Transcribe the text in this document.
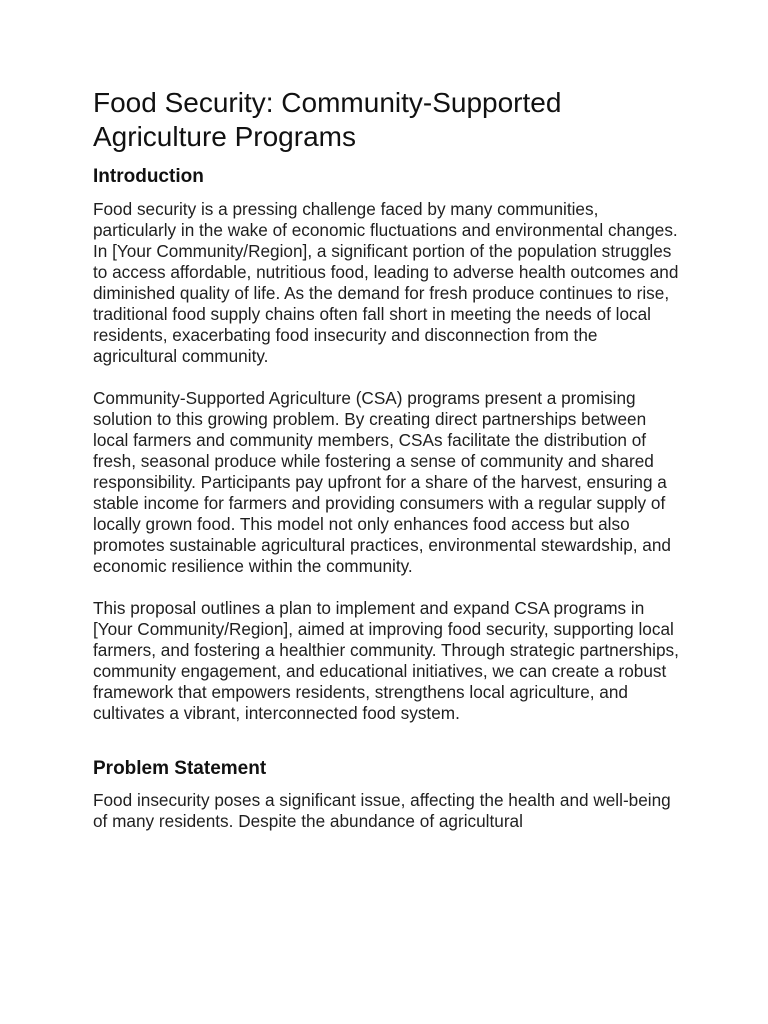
Food Security: Community-Supported Agriculture Programs
Introduction

Food security is a pressing challenge faced by many communities, particularly in the wake of economic fluctuations and environmental changes. In [Your Community/Region], a significant portion of the population struggles to access affordable, nutritious food, leading to adverse health outcomes and diminished quality of life. As the demand for fresh produce continues to rise, traditional food supply chains often fall short in meeting the needs of local residents, exacerbating food insecurity and disconnection from the agricultural community.

Community-Supported Agriculture (CSA) programs present a promising solution to this growing problem. By creating direct partnerships between local farmers and community members, CSAs facilitate the distribution of fresh, seasonal produce while fostering a sense of community and shared responsibility. Participants pay upfront for a share of the harvest, ensuring a stable income for farmers and providing consumers with a regular supply of locally grown food. This model not only enhances food access but also promotes sustainable agricultural practices, environmental stewardship, and economic resilience within the community.

This proposal outlines a plan to implement and expand CSA programs in [Your Community/Region], aimed at improving food security, supporting local farmers, and fostering a healthier community. Through strategic partnerships, community engagement, and educational initiatives, we can create a robust framework that empowers residents, strengthens local agriculture, and cultivates a vibrant, interconnected food system.

Problem Statement

Food insecurity poses a significant issue, affecting the health and well-being of many residents. Despite the abundance of agricultural
